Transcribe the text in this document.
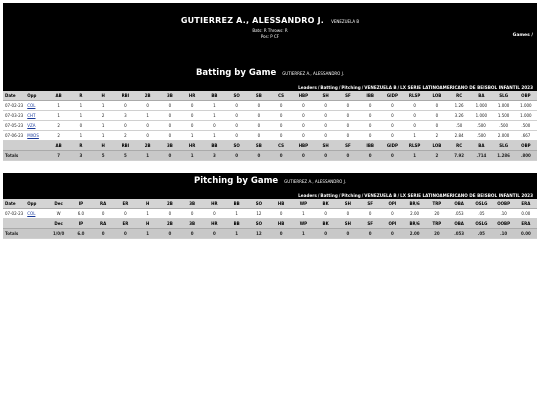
GUTIERREZ A., ALESSANDRO J. VENEZUELA B
Bats: R Throws: R
Pos: P CF	Games /
Batting by Game GUTIERREZ A., ALESSANDRO J.
Leaders/Batting/Pitching/VENEZUELA B/LX SERIE LATINOAMERICANO DE BEISBOL INFANTIL 2023
Date	Opp	AB	R	H	RBI	2B	3B	HR	BB	SO	SB	CS	HBP	SH	SF	IBB	GIDP	RLSP	LOB	RC	BA	SLG	OBP
07-02-23	COL	1	1	1	0	0	0	0	1	0	0	0	0	0	0	0	0	0	0	1.26	1.000	1.000	1.000
07-03-23	CHT	1	1	2	3	1	0	0	1	0	0	0	0	0	0	0	0	0	0	3.26	1.000	1.500	1.000
07-05-23	VZA	2	0	1	0	0	0	0	0	0	0	0	0	0	0	0	0	0	0	.50	.500	.500	.500
07-06-23	MXOS	2	1	1	2	0	0	1	1	0	0	0	0	0	0	0	0	1	2	2.84	.500	2.000	.667
		AB	R	H	RBI	2B	3B	HR	BB	SO	SB	CS	HBP	SH	SF	IBB	GIDP	RLSP	LOB	RC	BA	SLG	OBP
Totals		7	3	5	5	1	0	1	3	0	0	0	0	0	0	0	0	1	2	7.92	.714	1.286	.800
Pitching by Game GUTIERREZ A., ALESSANDRO J.
Leaders/Batting/Pitching/VENEZUELA B/LX SERIE LATINOAMERICANO DE BEISBOL INFANTIL 2023
Date	Opp	Dec	IP	RA	ER	H	2B	3B	HR	BB	SO	HB	WP	BK	SH	SF	OPI	BR/6	TRP	OBA	OSLG	OOBP	ERA
07-02-23	COL	W	6.0	0	0	1	0	0	0	1	12	0	1	0	0	0	0	2.00	20	.053	.05	.10	0.00
		Dec	IP	RA	ER	H	2B	3B	HR	BB	SO	HB	WP	BK	SH	SF	OPI	BR/6	TRP	OBA	OSLG	OOBP	ERA
Totals		1/0/0	6.0	0	0	1	0	0	0	1	12	0	1	0	0	0	0	2.00	20	.053	.05	.10	0.00
